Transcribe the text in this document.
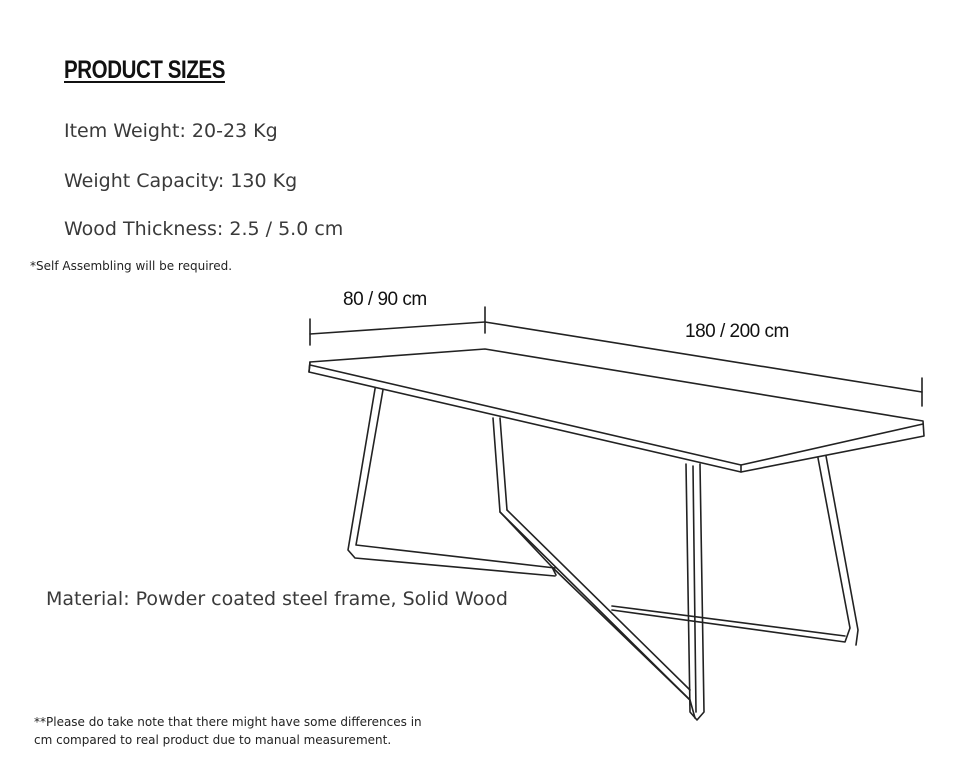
PRODUCT SIZES
Item Weight: 20-23 Kg
Weight Capacity: 130 Kg
Wood Thickness: 2.5 / 5.0 cm
*Self Assembling will be required.
80 / 90 cm
180 / 200 cm
Material: Powder coated steel frame, Solid Wood
**Please do take note that there might have some differences in cm compared to real product due to manual measurement.
